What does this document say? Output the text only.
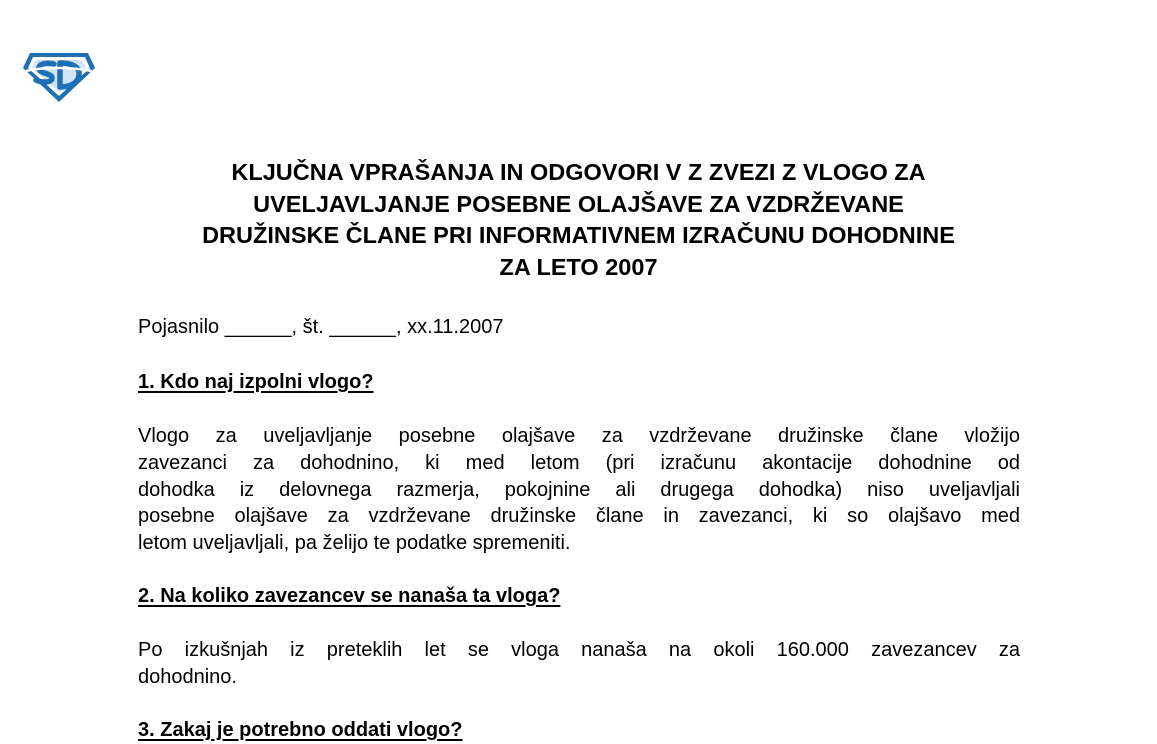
KLJUČNA VPRAŠANJA IN ODGOVORI V Z ZVEZI Z VLOGO ZA
UVELJAVLJANJE POSEBNE OLAJŠAVE ZA VZDRŽEVANE
DRUŽINSKE ČLANE PRI INFORMATIVNEM IZRAČUNU DOHODNINE
ZA LETO 2007

Pojasnilo ______, št. ______, xx.11.2007

1. Kdo naj izpolni vlogo?

Vlogo za uveljavljanje posebne olajšave za vzdrževane družinske člane vložijo
zavezanci za dohodnino, ki med letom (pri izračunu akontacije dohodnine od
dohodka iz delovnega razmerja, pokojnine ali drugega dohodka) niso uveljavljali
posebne olajšave za vzdrževane družinske člane in zavezanci, ki so olajšavo med
letom uveljavljali, pa želijo te podatke spremeniti.

2. Na koliko zavezancev se nanaša ta vloga?

Po izkušnjah iz preteklih let se vloga nanaša na okoli 160.000 zavezancev za
dohodnino.

3. Zakaj je potrebno oddati vlogo?
